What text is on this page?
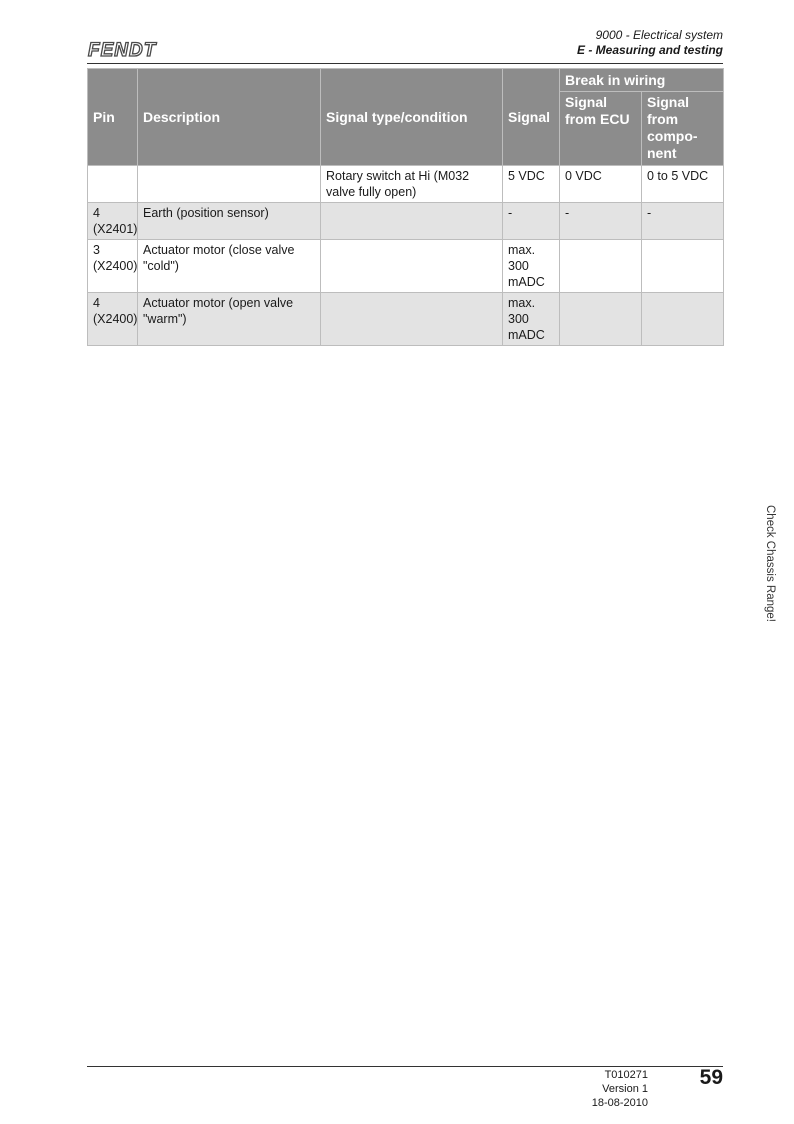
FENDT
9000 - Electrical system
E - Measuring and testing
Pin	Description	Signal type/condition	Signal	Break in wiring	
				Signal from ECU	Signal from compo-nent
		Rotary switch at Hi (M032 valve fully open)	5 VDC	0 VDC	0 to 5 VDC
4 (X2401)	Earth (position sensor)		-	-	-
3 (X2400)	Actuator motor (close valve "cold")		max. 300 mADC		
4 (X2400)	Actuator motor (open valve "warm")		max. 300 mADC		
Check Chassis Range!
T010271
Version 1
18-08-2010
59
